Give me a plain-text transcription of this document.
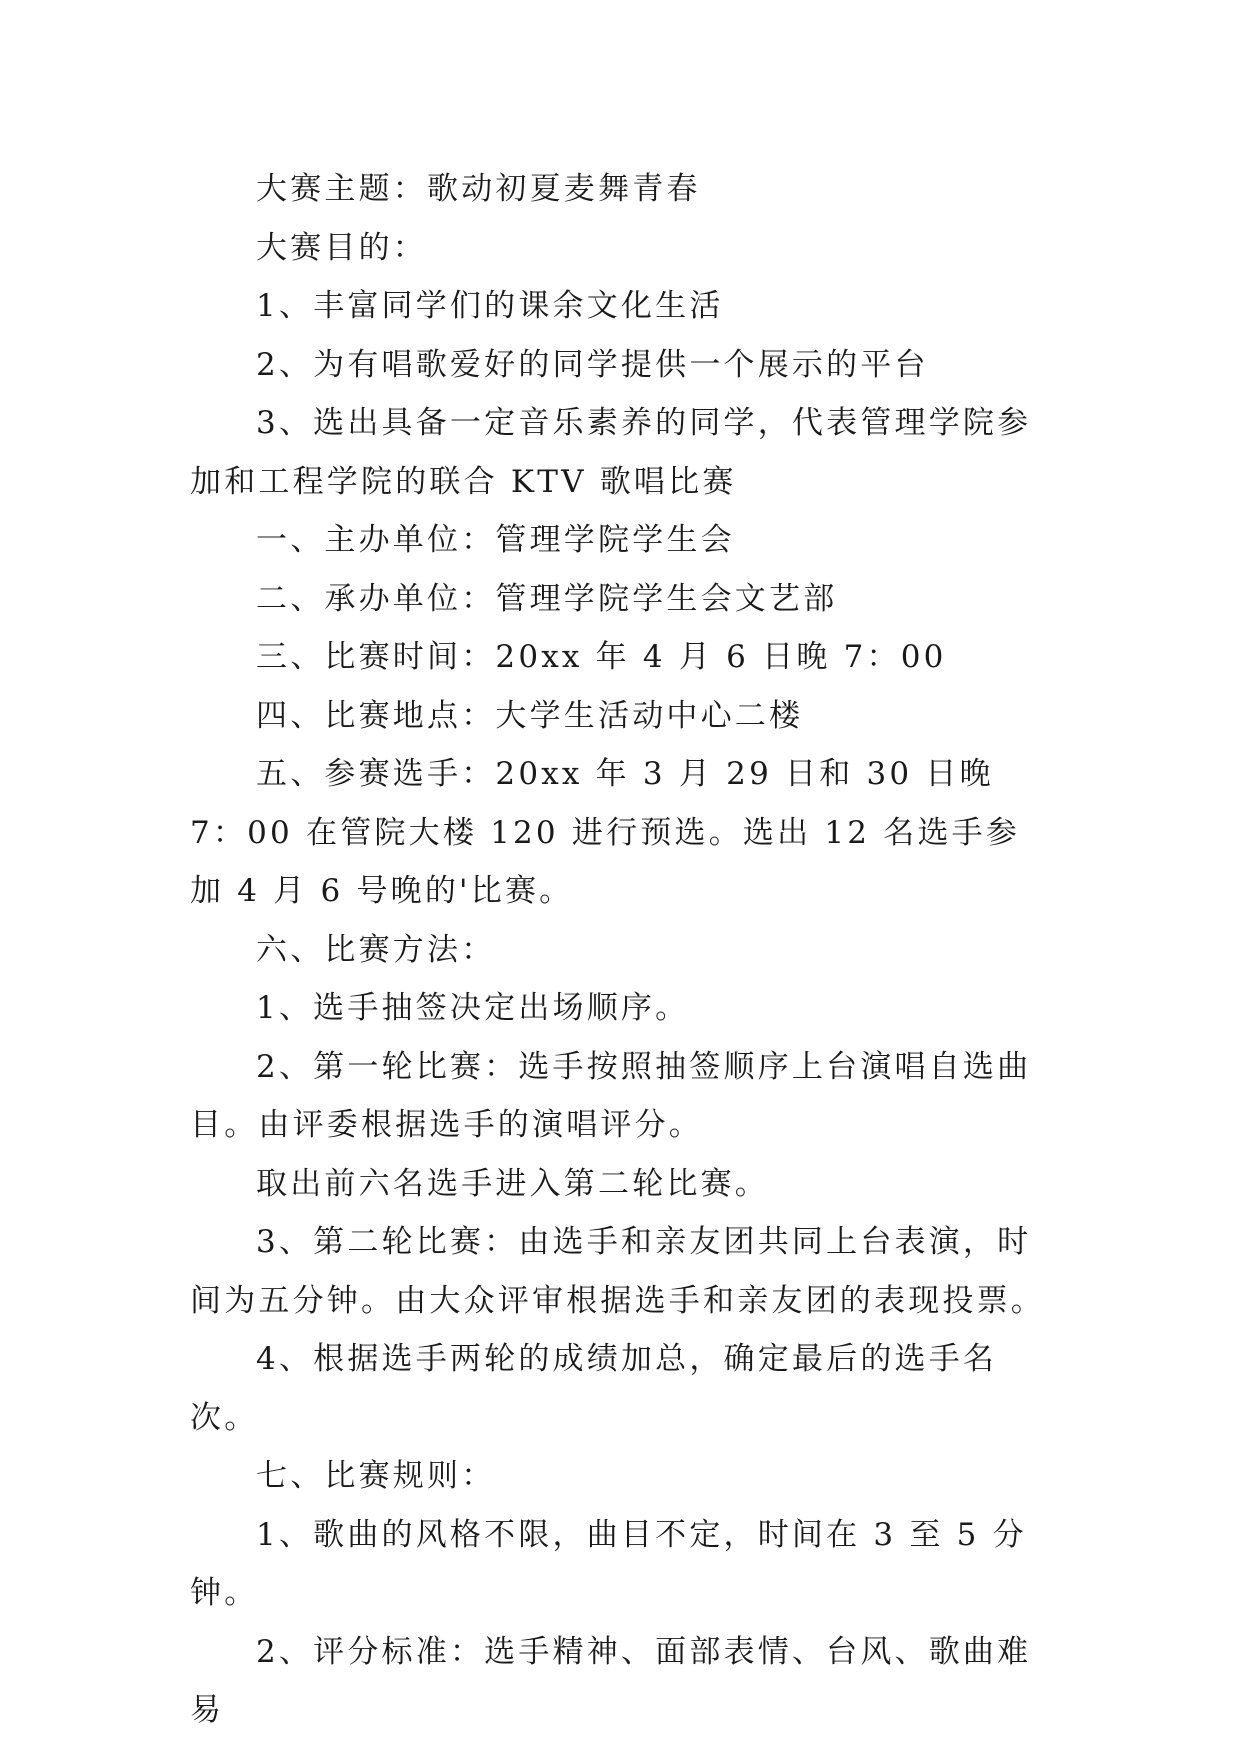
大赛主题：歌动初夏麦舞青春

大赛目的：

1、丰富同学们的课余文化生活

2、为有唱歌爱好的同学提供一个展示的平台

3、选出具备一定音乐素养的同学，代表管理学院参加和工程学院的联合 KTV 歌唱比赛

一、主办单位：管理学院学生会

二、承办单位：管理学院学生会文艺部

三、比赛时间：20xx 年 4 月 6 日晚 7：00

四、比赛地点：大学生活动中心二楼

五、参赛选手：20xx 年 3 月 29 日和 30 日晚 7：00 在管院大楼 120 进行预选。选出 12 名选手参加 4 月 6 号晚的'比赛。

六、比赛方法：

1、选手抽签决定出场顺序。

2、第一轮比赛：选手按照抽签顺序上台演唱自选曲目。由评委根据选手的演唱评分。

取出前六名选手进入第二轮比赛。

3、第二轮比赛：由选手和亲友团共同上台表演，时间为五分钟。由大众评审根据选手和亲友团的表现投票。

4、根据选手两轮的成绩加总，确定最后的选手名次。

七、比赛规则：

1、歌曲的风格不限，曲目不定，时间在 3 至 5 分钟。

2、评分标准：选手精神、面部表情、台风、歌曲难易
